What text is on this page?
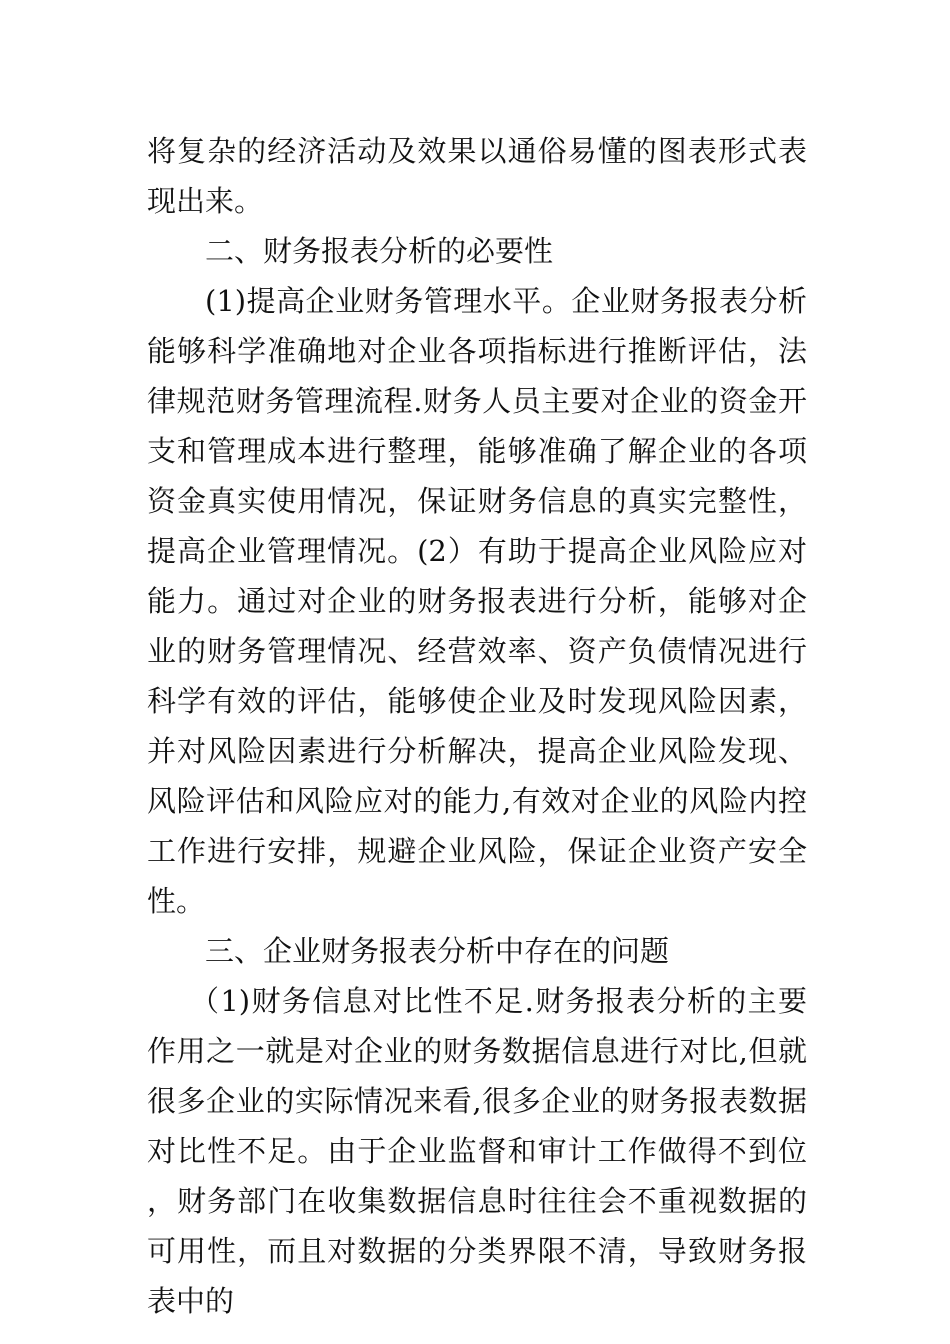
将复杂的经济活动及效果以通俗易懂的图表形式表现出来。

二、财务报表分析的必要性

(1)提高企业财务管理水平。企业财务报表分析能够科学准确地对企业各项指标进行推断评估，法律规范财务管理流程.财务人员主要对企业的资金开支和管理成本进行整理，能够准确了解企业的各项资金真实使用情况，保证财务信息的真实完整性，提高企业管理情况。(2）有助于提高企业风险应对能力。通过对企业的财务报表进行分析，能够对企业的财务管理情况、经营效率、资产负债情况进行科学有效的评估，能够使企业及时发现风险因素，并对风险因素进行分析解决，提高企业风险发现、风险评估和风险应对的能力,有效对企业的风险内控工作进行安排，规避企业风险，保证企业资产安全性。

三、企业财务报表分析中存在的问题

（1)财务信息对比性不足.财务报表分析的主要作用之一就是对企业的财务数据信息进行对比,但就很多企业的实际情况来看,很多企业的财务报表数据对比性不足。由于企业监督和审计工作做得不到位，财务部门在收集数据信息时往往会不重视数据的可用性，而且对数据的分类界限不清，导致财务报表中的
